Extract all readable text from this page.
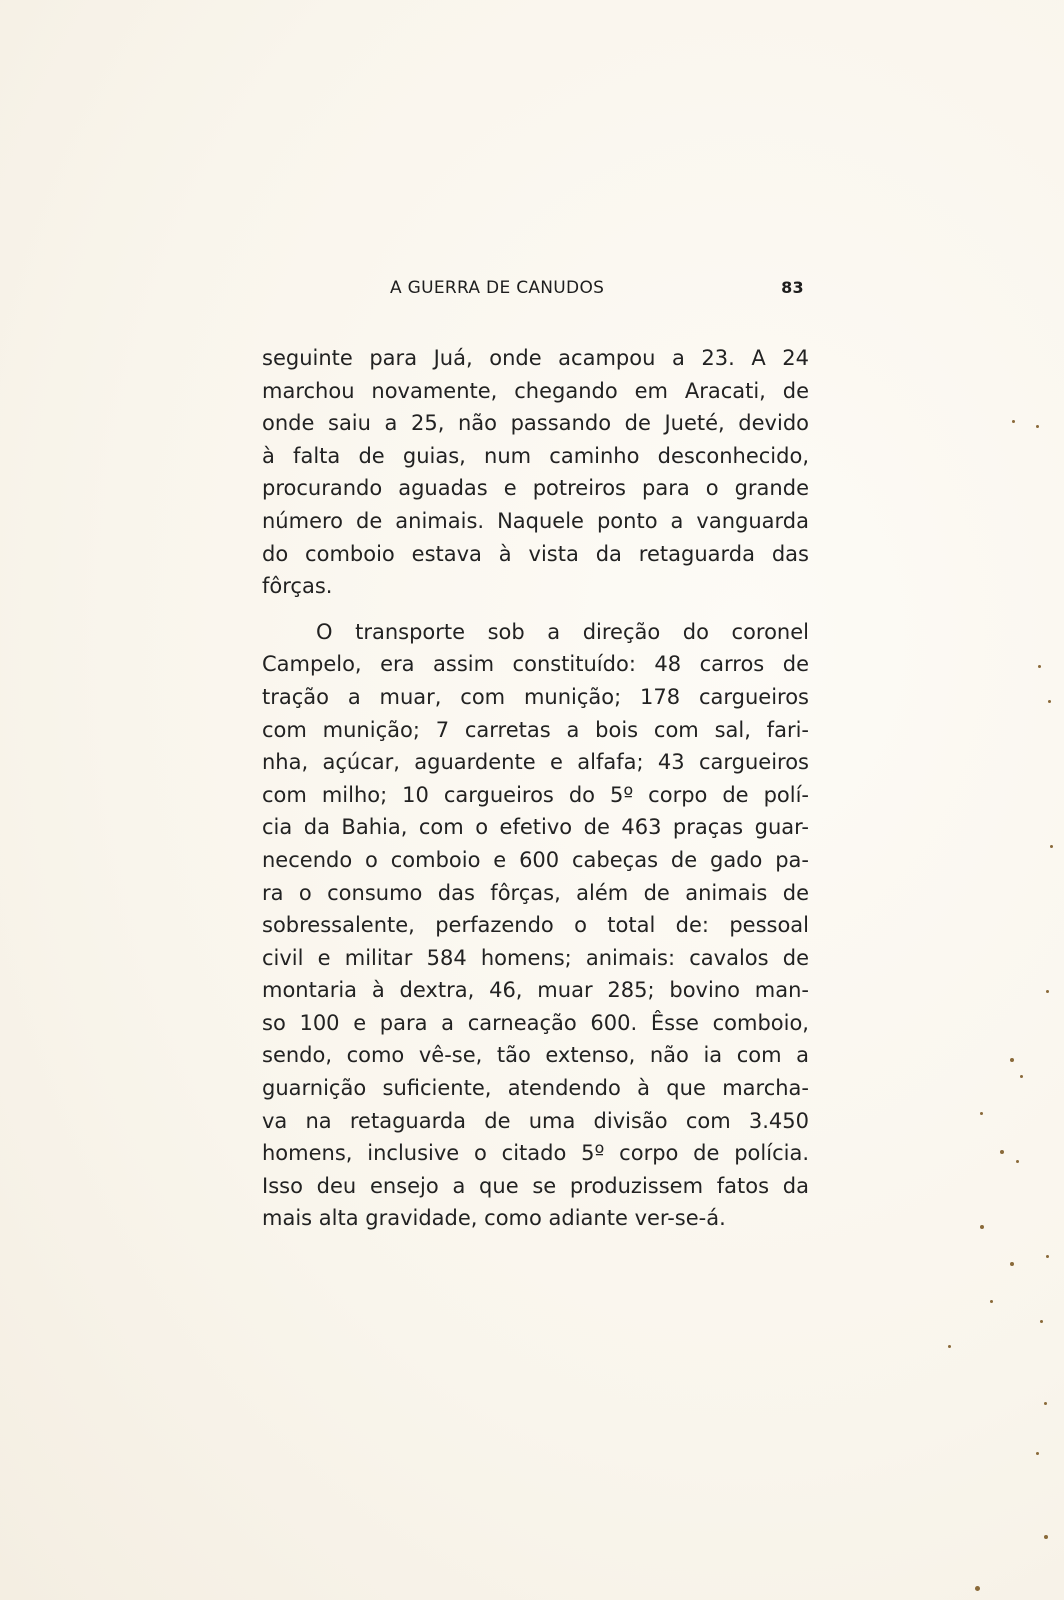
A GUERRA DE CANUDOS	83
seguinte para Juá, onde acampou a 23. A 24
marchou novamente, chegando em Aracati, de
onde saiu a 25, não passando de Jueté, devido
à falta de guias, num caminho desconhecido,
procurando aguadas e potreiros para o grande
número de animais. Naquele ponto a vanguarda
do comboio estava à vista da retaguarda das
fôrças.
O transporte sob a direção do coronel
Campelo, era assim constituído: 48 carros de
tração a muar, com munição; 178 cargueiros
com munição; 7 carretas a bois com sal, fari-
nha, açúcar, aguardente e alfafa; 43 cargueiros
com milho; 10 cargueiros do 5º corpo de polí-
cia da Bahia, com o efetivo de 463 praças guar-
necendo o comboio e 600 cabeças de gado pa-
ra o consumo das fôrças, além de animais de
sobressalente, perfazendo o total de: pessoal
civil e militar 584 homens; animais: cavalos de
montaria à dextra, 46, muar 285; bovino man-
so 100 e para a carneação 600. Êsse comboio,
sendo, como vê-se, tão extenso, não ia com a
guarnição suficiente, atendendo à que marcha-
va na retaguarda de uma divisão com 3.450
homens, inclusive o citado 5º corpo de polícia.
Isso deu ensejo a que se produzissem fatos da
mais alta gravidade, como adiante ver-se-á.
